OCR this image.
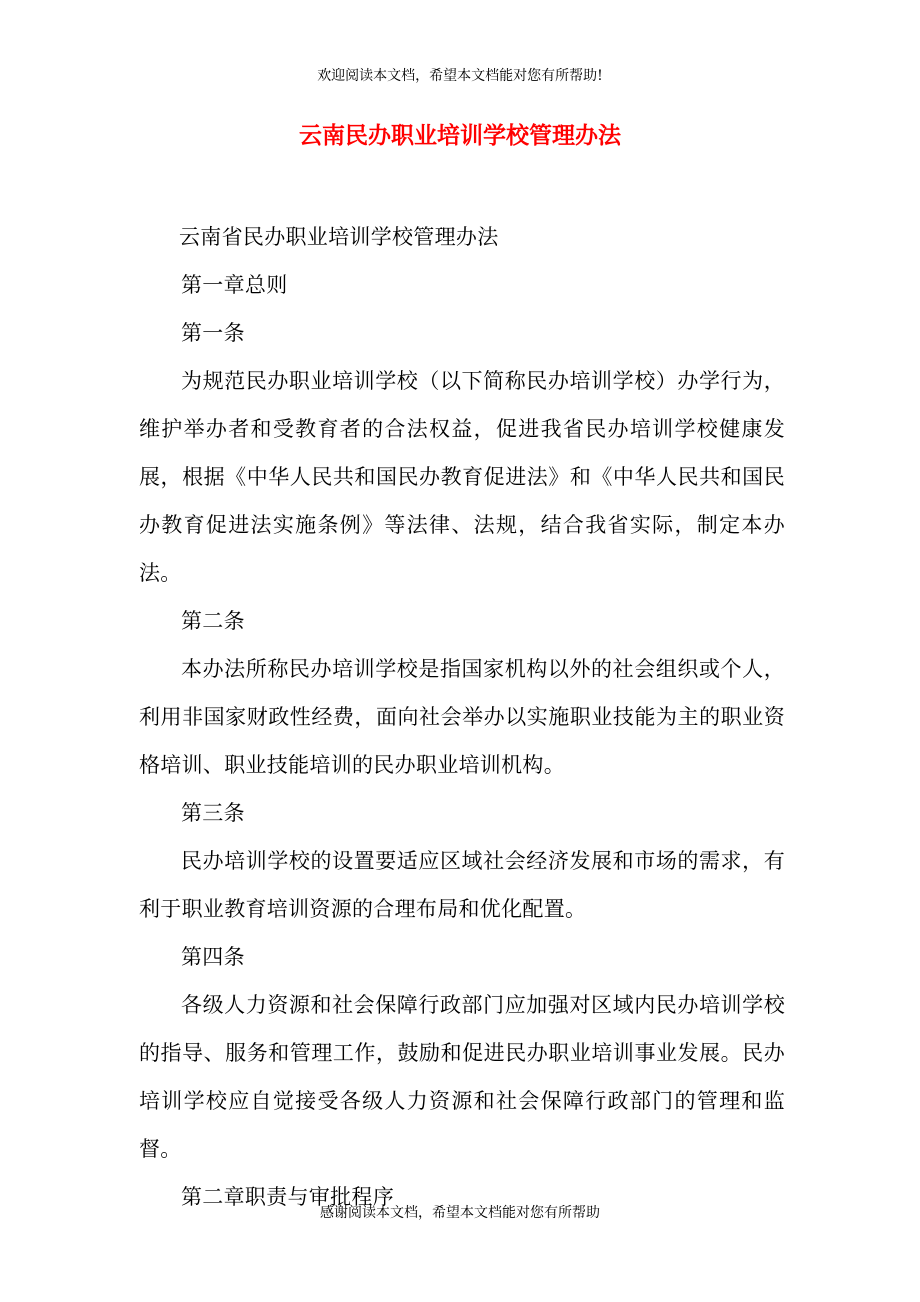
欢迎阅读本文档，希望本文档能对您有所帮助!
云南民办职业培训学校管理办法

云南省民办职业培训学校管理办法

第一章总则

第一条

为规范民办职业培训学校（以下简称民办培训学校）办学行为，维护举办者和受教育者的合法权益，促进我省民办培训学校健康发展，根据《中华人民共和国民办教育促进法》和《中华人民共和国民办教育促进法实施条例》等法律、法规，结合我省实际，制定本办法。

第二条

本办法所称民办培训学校是指国家机构以外的社会组织或个人，利用非国家财政性经费，面向社会举办以实施职业技能为主的职业资格培训、职业技能培训的民办职业培训机构。

第三条

民办培训学校的设置要适应区域社会经济发展和市场的需求，有利于职业教育培训资源的合理布局和优化配置。

第四条

各级人力资源和社会保障行政部门应加强对区域内民办培训学校的指导、服务和管理工作，鼓励和促进民办职业培训事业发展。民办培训学校应自觉接受各级人力资源和社会保障行政部门的管理和监督。

第二章职责与审批程序

感谢阅读本文档，希望本文档能对您有所帮助
